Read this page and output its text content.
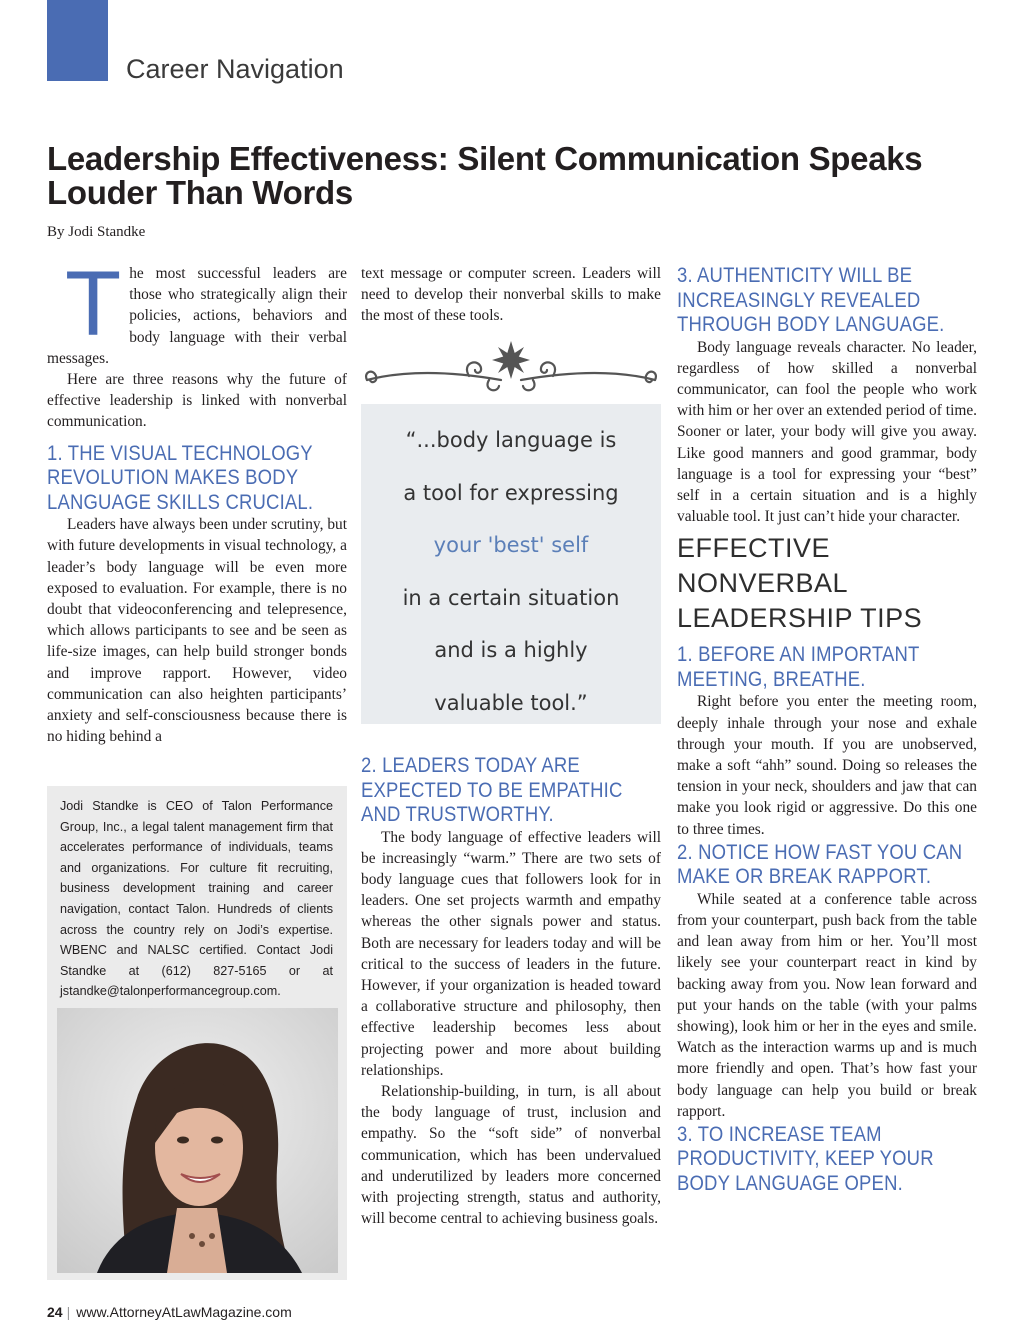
Career Navigation
Leadership Effectiveness: Silent Communication Speaks Louder Than Words

By Jodi Standke

T he most successful leaders are those who strategically align their policies, actions, behaviors and body language with their verbal messages.

Here are three reasons why the future of effective leadership is linked with nonverbal communication.

1. THE VISUAL TECHNOLOGY REVOLUTION MAKES BODY LANGUAGE SKILLS CRUCIAL.

Leaders have always been under scrutiny, but with future developments in visual technology, a leader’s body language will be even more exposed to evaluation. For example, there is no doubt that videoconferencing and telepresence, which allows participants to see and be seen as life-size images, can help build stronger bonds and improve rapport. However, video communication can also heighten participants’ anxiety and self-consciousness because there is no hiding behind a

Jodi Standke is CEO of Talon Performance Group, Inc., a legal talent management firm that accelerates performance of individuals, teams and organizations. For culture fit recruiting, business development training and career navigation, contact Talon. Hundreds of clients across the country rely on Jodi’s expertise. WBENC and NALSC certified. Contact Jodi Standke at (612) 827-5165 or at jstandke@talonperformancegroup.com.

text message or computer screen. Leaders will need to develop their nonverbal skills to make the most of these tools.

“...body language is
a tool for expressing
your 'best' self
in a certain situation
and is a highly
valuable tool.”
2. LEADERS TODAY ARE EXPECTED TO BE EMPATHIC AND TRUSTWORTHY.

The body language of effective leaders will be increasingly “warm.” There are two sets of body language cues that followers look for in leaders. One set projects warmth and empathy whereas the other signals power and status. Both are necessary for leaders today and will be critical to the success of leaders in the future. However, if your organization is headed toward a collaborative structure and philosophy, then effective leadership becomes less about projecting power and more about building relationships.

Relationship-building, in turn, is all about the body language of trust, inclusion and empathy. So the “soft side” of nonverbal communication, which has been undervalued and underutilized by leaders more concerned with projecting strength, status and authority, will become central to achieving business goals.

3. AUTHENTICITY WILL BE INCREASINGLY REVEALED THROUGH BODY LANGUAGE.

Body language reveals character. No leader, regardless of how skilled a nonverbal communicator, can fool the people who work with him or her over an extended period of time. Sooner or later, your body will give you away. Like good manners and good grammar, body language is a tool for expressing your “best” self in a certain situation and is a highly valuable tool. It just can’t hide your character.

EFFECTIVE NONVERBAL LEADERSHIP TIPS
1. BEFORE AN IMPORTANT MEETING, BREATHE.

Right before you enter the meeting room, deeply inhale through your nose and exhale through your mouth. If you are unobserved, make a soft “ahh” sound. Doing so releases the tension in your neck, shoulders and jaw that can make you look rigid or aggressive. Do this one to three times.

2. NOTICE HOW FAST YOU CAN MAKE OR BREAK RAPPORT.

While seated at a conference table across from your counterpart, push back from the table and lean away from him or her. You’ll most likely see your counterpart react in kind by backing away from you. Now lean forward and put your hands on the table (with your palms showing), look him or her in the eyes and smile. Watch as the interaction warms up and is much more friendly and open. That’s how fast your body language can help you build or break rapport.

3. TO INCREASE TEAM PRODUCTIVITY, KEEP YOUR BODY LANGUAGE OPEN.
24 | www.AttorneyAtLawMagazine.com
